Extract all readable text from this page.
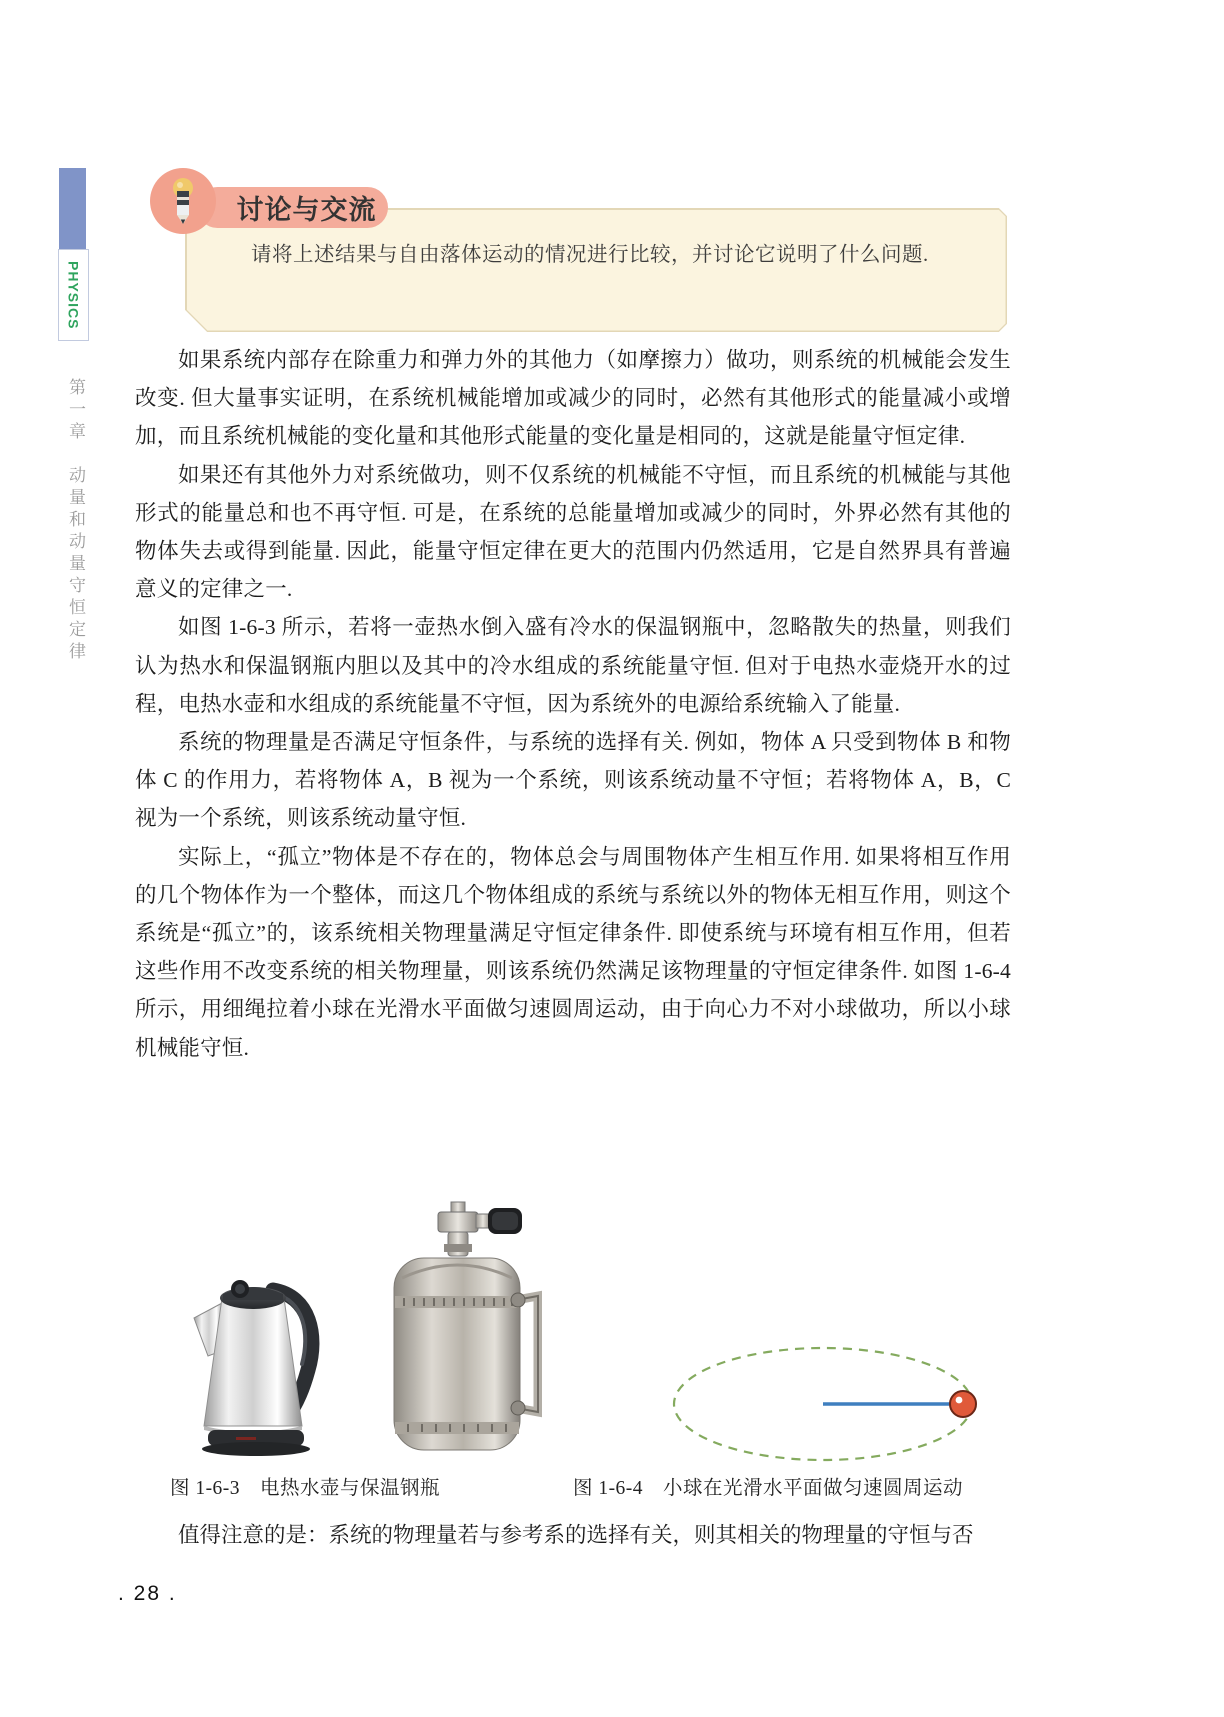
PHYSICS
第一章动量和动量守恒定律
讨论与交流
请将上述结果与自由落体运动的情况进行比较，并讨论它说明了什么问题.

如果系统内部存在除重力和弹力外的其他力（如摩擦力）做功，则系统的机械能会发生改变. 但大量事实证明，在系统机械能增加或减少的同时，必然有其他形式的能量减小或增加，而且系统机械能的变化量和其他形式能量的变化量是相同的，这就是能量守恒定律.

如果还有其他外力对系统做功，则不仅系统的机械能不守恒，而且系统的机械能与其他形式的能量总和也不再守恒. 可是，在系统的总能量增加或减少的同时，外界必然有其他的物体失去或得到能量. 因此，能量守恒定律在更大的范围内仍然适用，它是自然界具有普遍意义的定律之一.

如图 1-6-3 所示，若将一壶热水倒入盛有冷水的保温钢瓶中，忽略散失的热量，则我们认为热水和保温钢瓶内胆以及其中的冷水组成的系统能量守恒. 但对于电热水壶烧开水的过程，电热水壶和水组成的系统能量不守恒，因为系统外的电源给系统输入了能量.

系统的物理量是否满足守恒条件，与系统的选择有关. 例如，物体 A 只受到物体 B 和物体 C 的作用力，若将物体 A，B 视为一个系统，则该系统动量不守恒；若将物体 A，B，C 视为一个系统，则该系统动量守恒.

实际上，“孤立”物体是不存在的，物体总会与周围物体产生相互作用. 如果将相互作用的几个物体作为一个整体，而这几个物体组成的系统与系统以外的物体无相互作用，则这个系统是“孤立”的，该系统相关物理量满足守恒定律条件. 即使系统与环境有相互作用，但若这些作用不改变系统的相关物理量，则该系统仍然满足该物理量的守恒定律条件. 如图 1-6-4 所示，用细绳拉着小球在光滑水平面做匀速圆周运动，由于向心力不对小球做功，所以小球机械能守恒.

图 1-6-3　电热水壶与保温钢瓶	图 1-6-4　小球在光滑水平面做匀速圆周运动

值得注意的是：系统的物理量若与参考系的选择有关，则其相关的物理量的守恒与否

. 28 .
